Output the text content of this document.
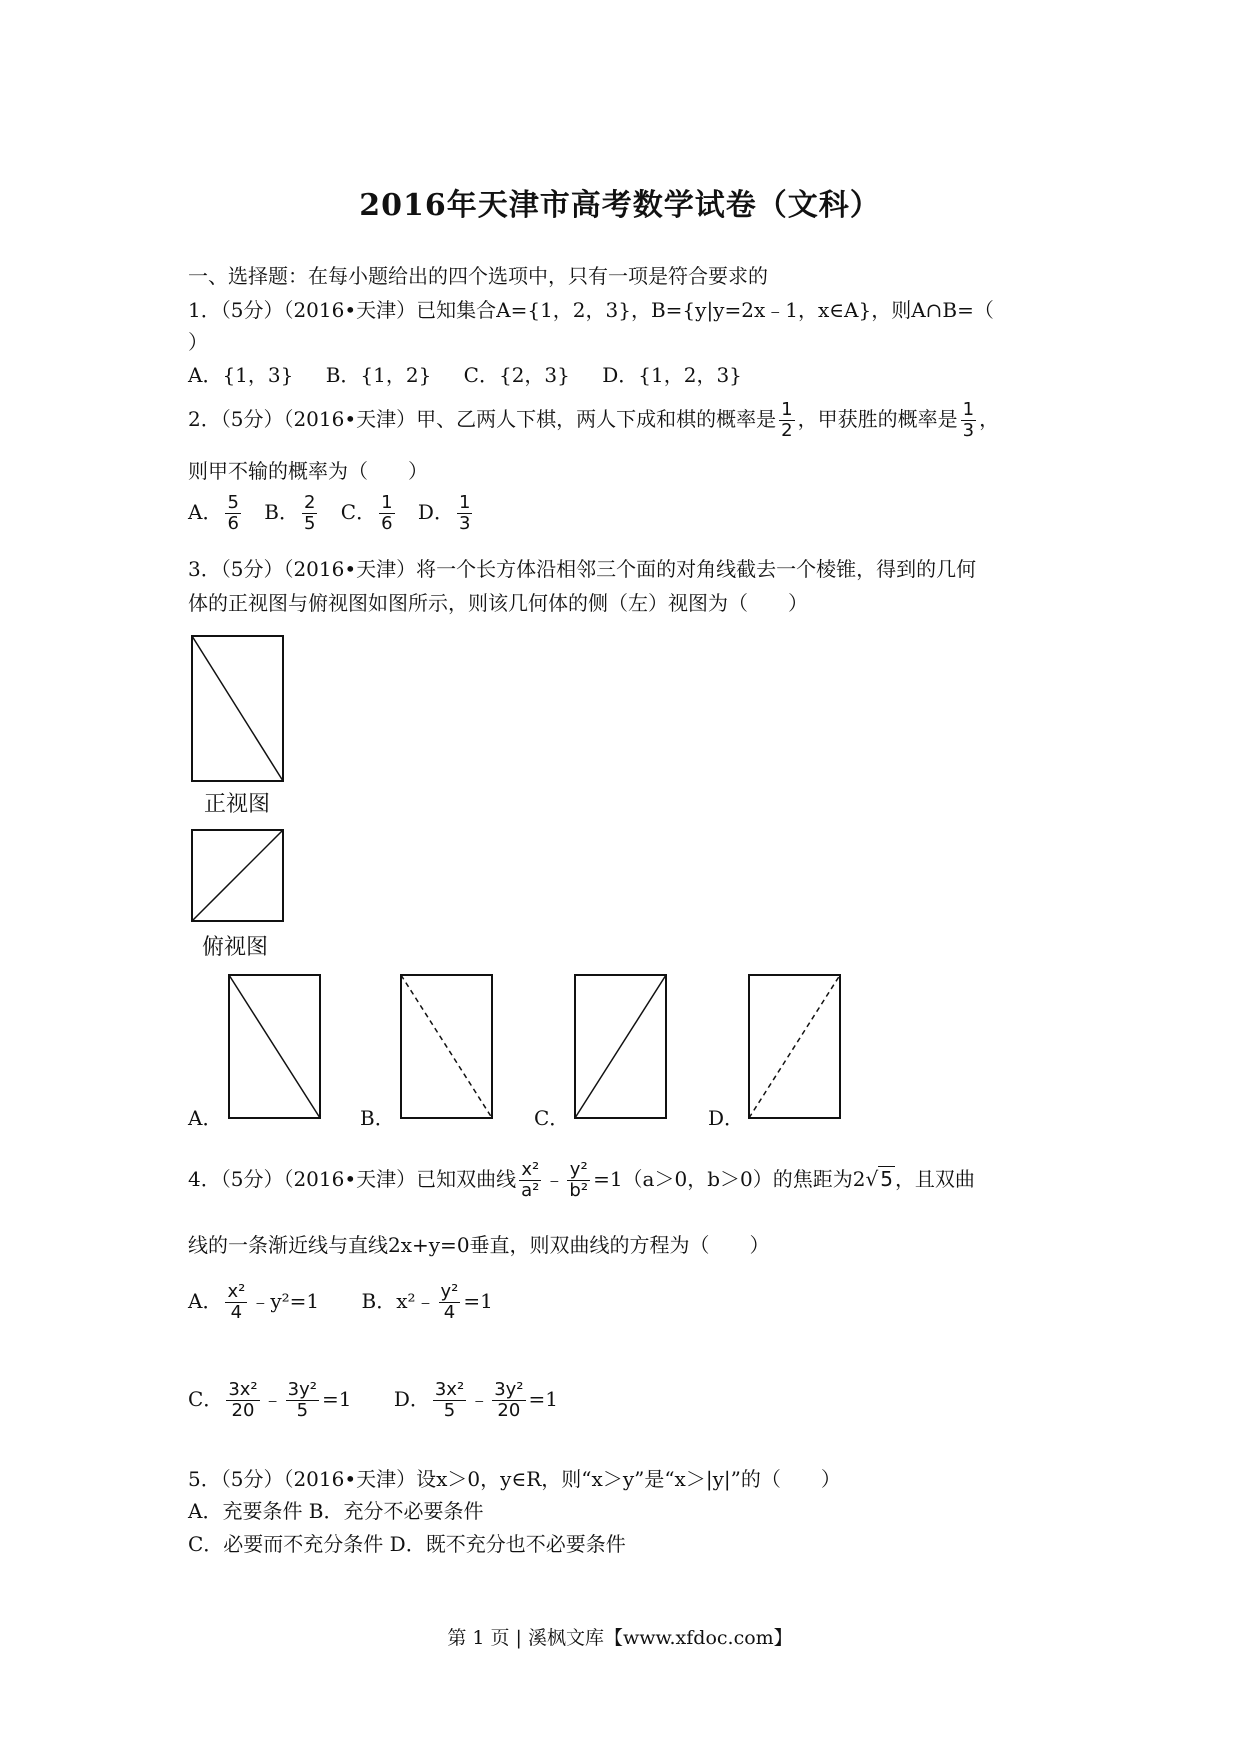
2016年天津市高考数学试卷（文科）
一、选择题：在每小题给出的四个选项中，只有一项是符合要求的
1．（5分）（2016•天津）已知集合A={1，2，3}，B={y|y=2x﹣1，x∈A}，则A∩B=（
）
A．{1，3} B．{1，2} C．{2，3} D．{1，2，3}
2．（5分）（2016•天津）甲、乙两人下棋，两人下成和棋的概率是 $\frac{1}{2}$ ，甲获胜的概率是 $\frac{1}{3}$ ，
则甲不输的概率为（　　）
A． $\frac{5}{6}$ B． $\frac{2}{5}$ C． $\frac{1}{6}$ D． $\frac{1}{3}$
3．（5分）（2016•天津）将一个长方体沿相邻三个面的对角线截去一个棱锥，得到的几何
体的正视图与俯视图如图所示，则该几何体的侧（左）视图为（　　）
正视图
俯视图
A．	B．	C．	D．
4．（5分）（2016•天津）已知双曲线 $\frac{\text{x²}}{\text{a²}}$ ﹣ $\frac{\text{y²}}{\text{b²}} =1(a>0$，b＞0）的焦距为2√ 5 ，且双曲
线的一条渐近线与直线2x+y=0垂直，则双曲线的方程为（　　）
A． $\frac{\text{x²}}{4}$ ﹣y²=1 B．x²﹣ $\frac{\text{y²}}{4} =1$
C． $\frac{\text{3x²}}{20}$ ﹣ $\frac{\text{3y²}}{5} =1$ D． $\frac{\text{3x²}}{5}$ ﹣ $\frac{\text{3y²}}{20} =1$
5．（5分）（2016•天津）设x＞0，y∈R，则“x＞y”是“x＞|y|”的（　　）
A．充要条件 B．充分不必要条件
C．必要而不充分条件 D．既不充分也不必要条件
第 1 页 | 溪枫文库【www.xfdoc.com】
